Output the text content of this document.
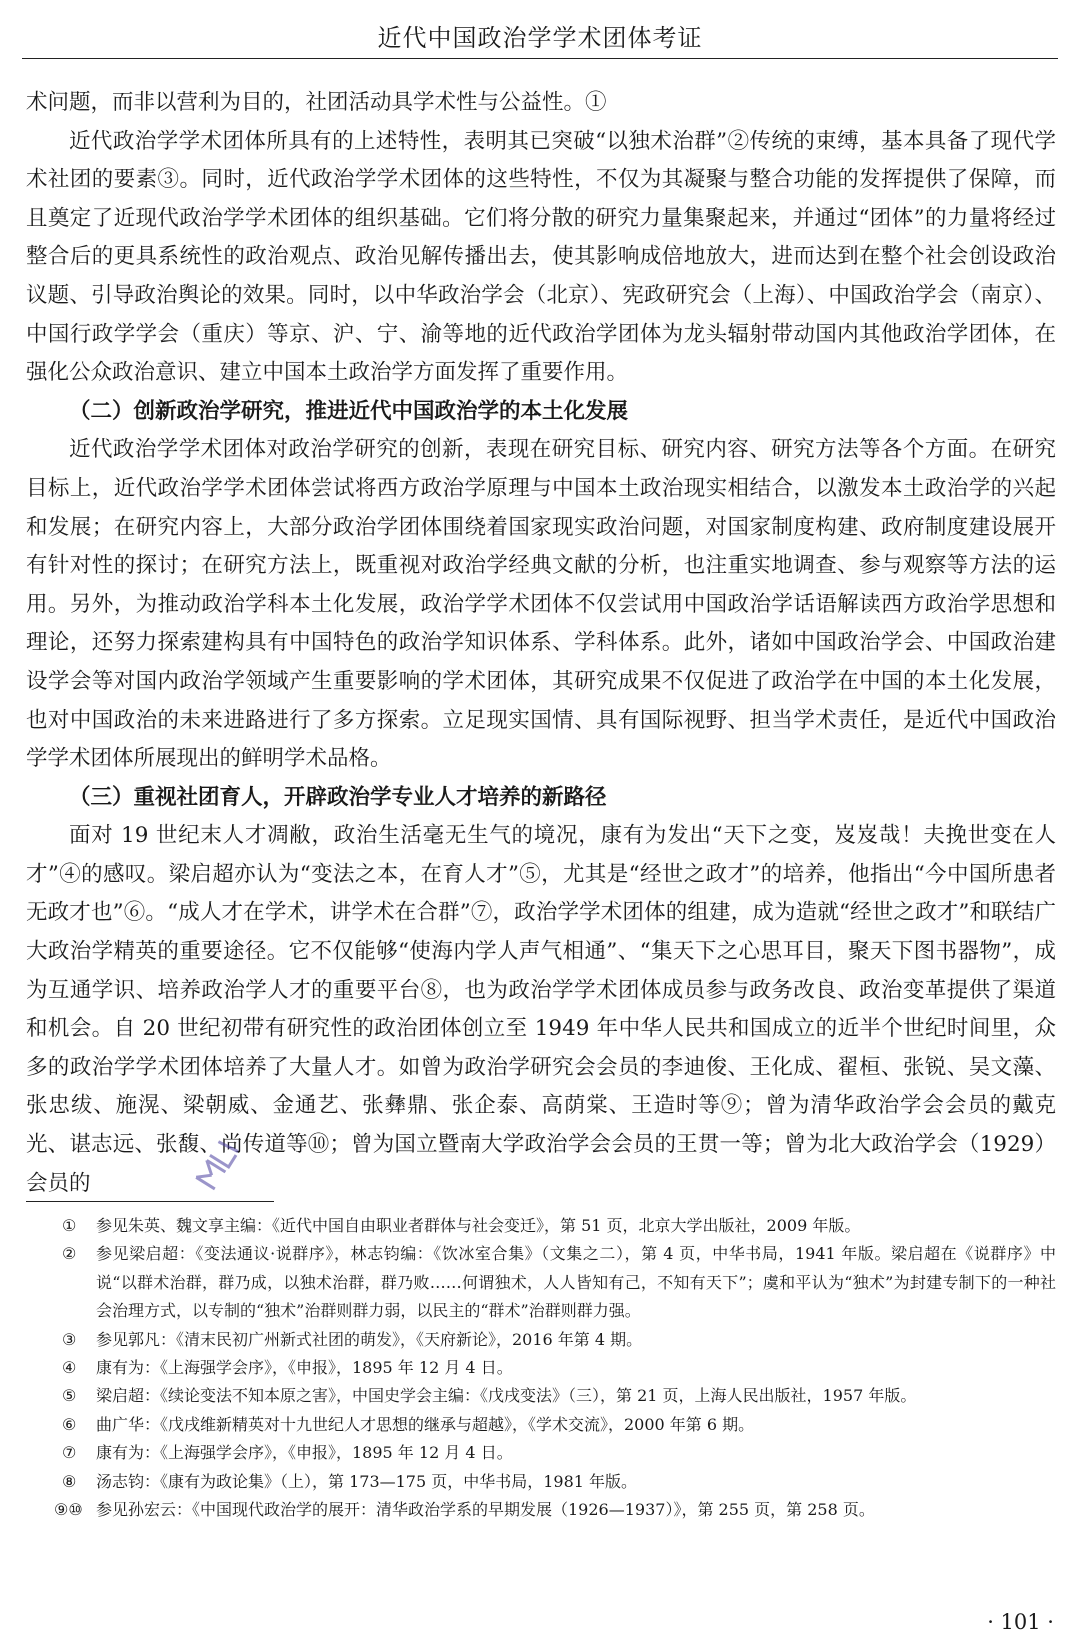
近代中国政治学学术团体考证

术问题，而非以营利为目的，社团活动具学术性与公益性。①

近代政治学学术团体所具有的上述特性，表明其已突破“以独术治群”②传统的束缚，基本具备了现代学术社团的要素③。同时，近代政治学学术团体的这些特性，不仅为其凝聚与整合功能的发挥提供了保障，而且奠定了近现代政治学学术团体的组织基础。它们将分散的研究力量集聚起来，并通过“团体”的力量将经过整合后的更具系统性的政治观点、政治见解传播出去，使其影响成倍地放大，进而达到在整个社会创设政治议题、引导政治舆论的效果。同时，以中华政治学会（北京）、宪政研究会（上海）、中国政治学会（南京）、中国行政学学会（重庆）等京、沪、宁、渝等地的近代政治学团体为龙头辐射带动国内其他政治学团体，在强化公众政治意识、建立中国本土政治学方面发挥了重要作用。

（二）创新政治学研究，推进近代中国政治学的本土化发展

近代政治学学术团体对政治学研究的创新，表现在研究目标、研究内容、研究方法等各个方面。在研究目标上，近代政治学学术团体尝试将西方政治学原理与中国本土政治现实相结合，以激发本土政治学的兴起和发展；在研究内容上，大部分政治学团体围绕着国家现实政治问题，对国家制度构建、政府制度建设展开有针对性的探讨；在研究方法上，既重视对政治学经典文献的分析，也注重实地调查、参与观察等方法的运用。另外，为推动政治学科本土化发展，政治学学术团体不仅尝试用中国政治学话语解读西方政治学思想和理论，还努力探索建构具有中国特色的政治学知识体系、学科体系。此外，诸如中国政治学会、中国政治建设学会等对国内政治学领域产生重要影响的学术团体，其研究成果不仅促进了政治学在中国的本土化发展，也对中国政治的未来进路进行了多方探索。立足现实国情、具有国际视野、担当学术责任，是近代中国政治学学术团体所展现出的鲜明学术品格。

（三）重视社团育人，开辟政治学专业人才培养的新路径

面对 19 世纪末人才凋敝，政治生活毫无生气的境况，康有为发出“天下之变，岌岌哉！夫挽世变在人才”④的感叹。梁启超亦认为“变法之本，在育人才”⑤，尤其是“经世之政才”的培养，他指出“今中国所患者无政才也”⑥。“成人才在学术，讲学术在合群”⑦，政治学学术团体的组建，成为造就“经世之政才”和联结广大政治学精英的重要途径。它不仅能够“使海内学人声气相通”、“集天下之心思耳目，聚天下图书器物”，成为互通学识、培养政治学人才的重要平台⑧，也为政治学学术团体成员参与政务改良、政治变革提供了渠道和机会。自 20 世纪初带有研究性的政治团体创立至 1949 年中华人民共和国成立的近半个世纪时间里，众多的政治学学术团体培养了大量人才。如曾为政治学研究会会员的李迪俊、王化成、翟桓、张锐、吴文藻、张忠绂、施滉、梁朝威、金通艺、张彝鼎、张企泰、高荫棠、王造时等⑨；曾为清华政治学会会员的戴克光、谌志远、张馥、尚传道等⑩；曾为国立暨南大学政治学会会员的王贯一等；曾为北大政治学会（1929）会员的

① 参见朱英、魏文享主编：《近代中国自由职业者群体与社会变迁》，第 51 页，北京大学出版社，2009 年版。
② 参见梁启超：《变法通议·说群序》，林志钧编：《饮冰室合集》（文集之二），第 4 页，中华书局，1941 年版。梁启超在《说群序》中说“以群术治群，群乃成，以独术治群，群乃败……何谓独术，人人皆知有己，不知有天下”；虞和平认为“独术”为封建专制下的一种社会治理方式，以专制的“独术”治群则群力弱，以民主的“群术”治群则群力强。
③ 参见郭凡：《清末民初广州新式社团的萌发》，《天府新论》，2016 年第 4 期。
④ 康有为：《上海强学会序》，《申报》，1895 年 12 月 4 日。
⑤ 梁启超：《续论变法不知本原之害》，中国史学会主编：《戊戌变法》（三），第 21 页，上海人民出版社，1957 年版。
⑥ 曲广华：《戊戌维新精英对十九世纪人才思想的继承与超越》，《学术交流》，2000 年第 6 期。
⑦ 康有为：《上海强学会序》，《申报》，1895 年 12 月 4 日。
⑧ 汤志钧：《康有为政论集》（上），第 173—175 页，中华书局，1981 年版。
⑨⑩ 参见孙宏云：《中国现代政治学的展开：清华政治学系的早期发展（1926—1937）》，第 255 页，第 258 页。
· 101 ·
